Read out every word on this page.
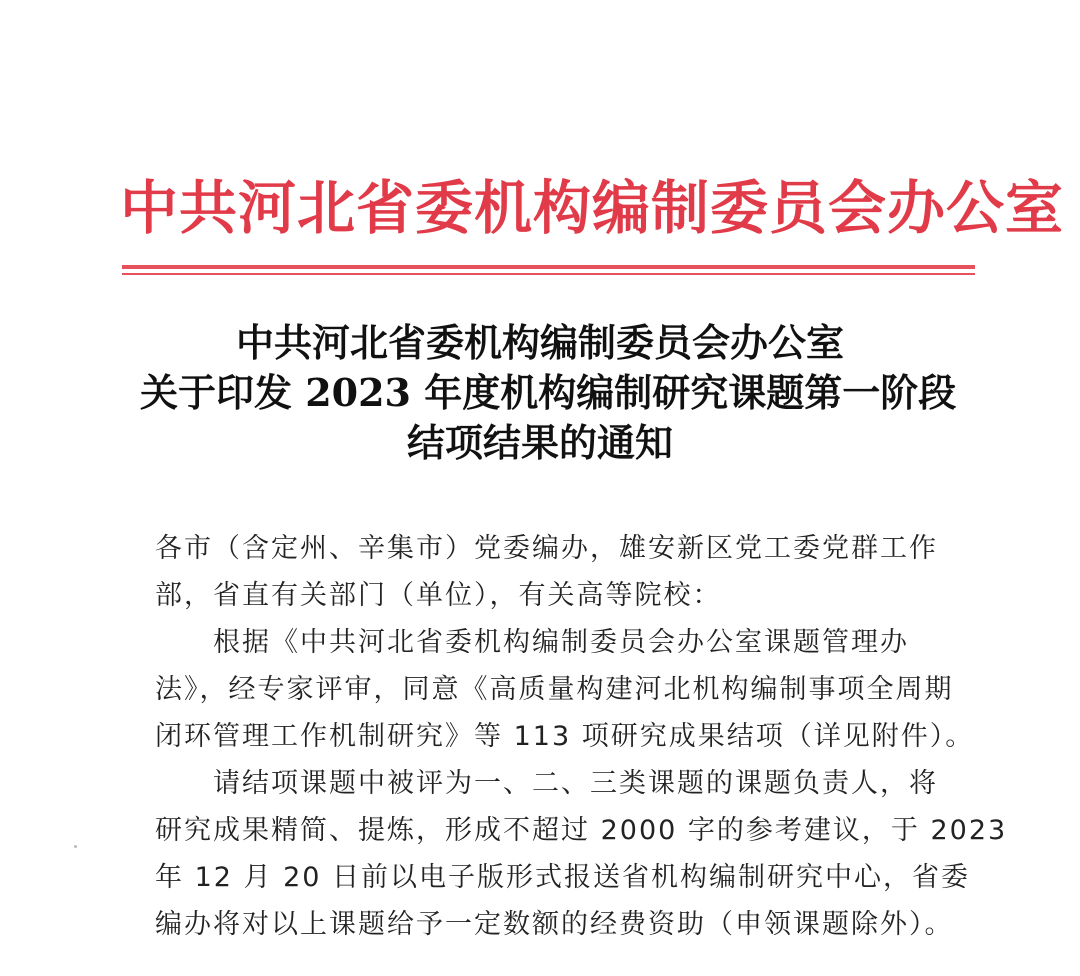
中共河北省委机构编制委员会办公室
中共河北省委机构编制委员会办公室
关于印发 2023 年度机构编制研究课题第一阶段
结项结果的通知

各市（含定州、辛集市）党委编办，雄安新区党工委党群工作

部，省直有关部门（单位），有关高等院校：

根据《中共河北省委机构编制委员会办公室课题管理办

法》，经专家评审，同意《高质量构建河北机构编制事项全周期

闭环管理工作机制研究》等 113 项研究成果结项（详见附件）。

请结项课题中被评为一、二、三类课题的课题负责人，将

研究成果精简、提炼，形成不超过 2000 字的参考建议，于 2023

年 12 月 20 日前以电子版形式报送省机构编制研究中心，省委

编办将对以上课题给予一定数额的经费资助（申领课题除外）。
